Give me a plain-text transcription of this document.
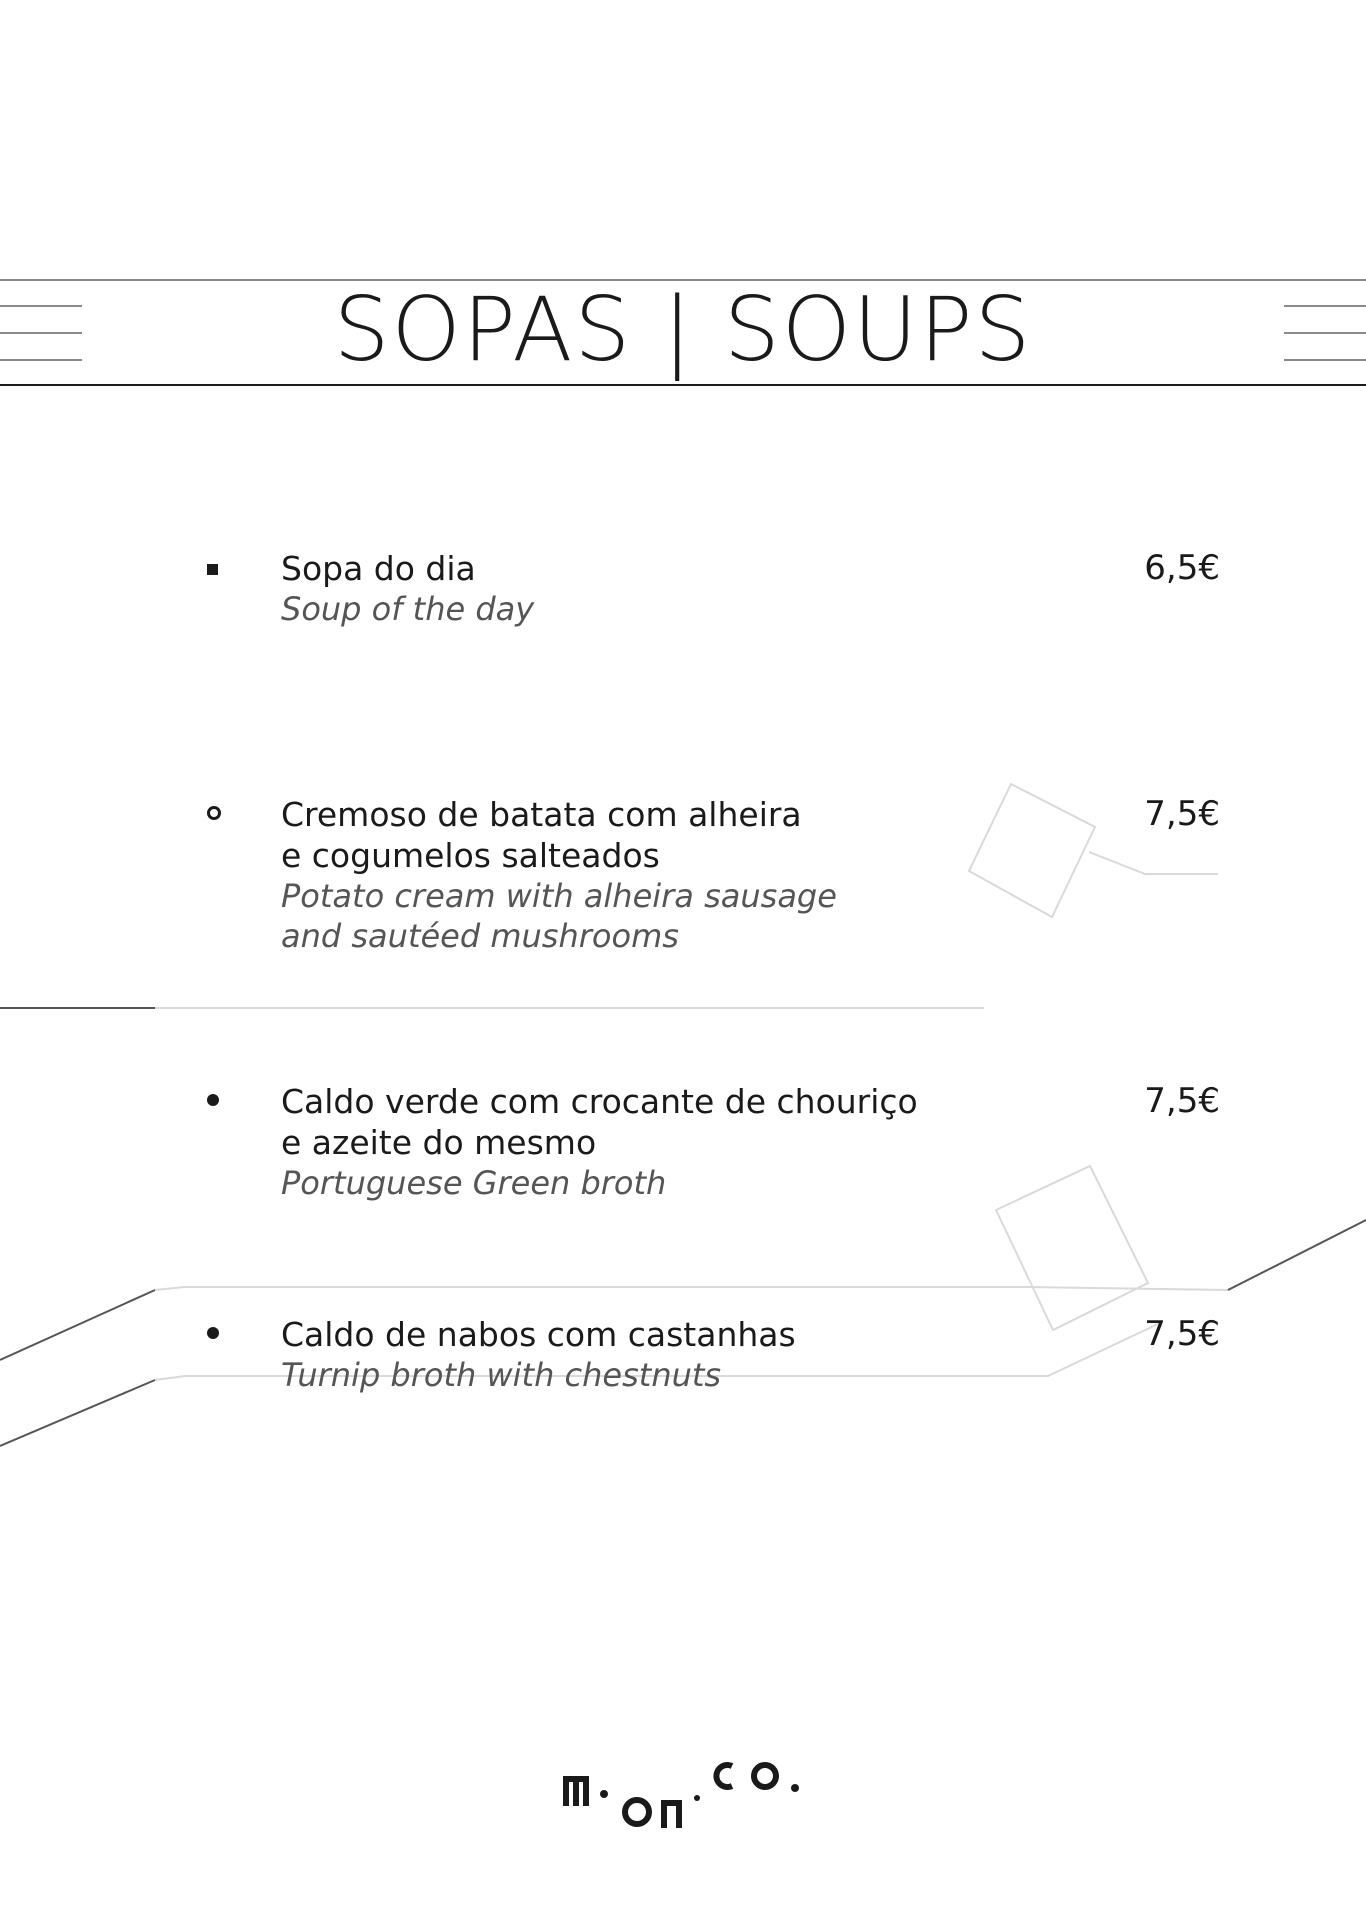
SOPAS | SOUPS
Sopa do dia
Soup of the day
6,5€
Cremoso de batata com alheira
e cogumelos salteados
Potato cream with alheira sausage
and sautéed mushrooms
7,5€
Caldo verde com crocante de chouriço
e azeite do mesmo
Portuguese Green broth
7,5€
Caldo de nabos com castanhas
Turnip broth with chestnuts
7,5€
